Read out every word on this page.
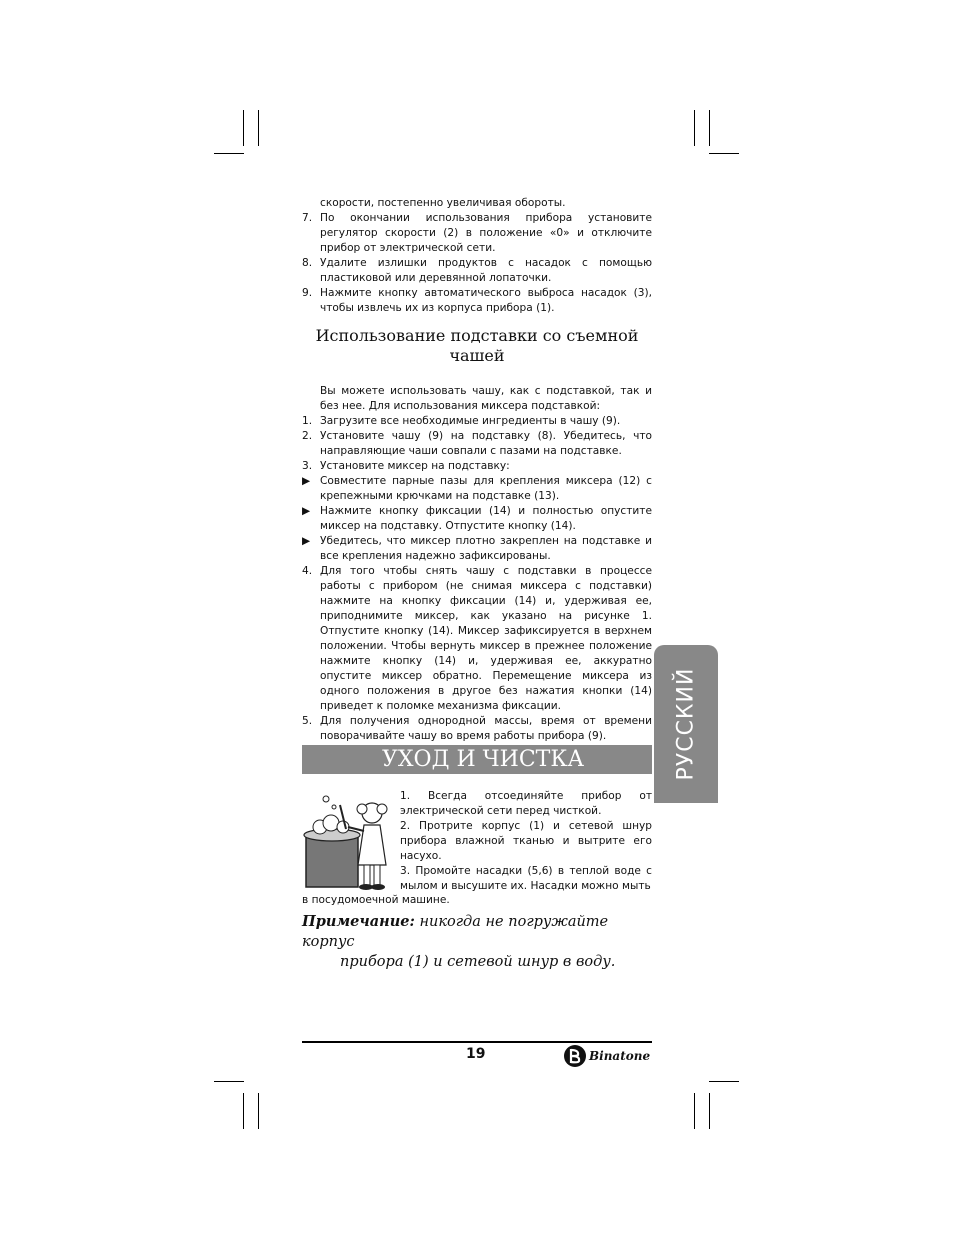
скорости, постепенно увеличивая обороты.
7. По окончании использования прибора установите регулятор скорости (2) в положение «0» и отключите прибор от электрической сети.
8. Удалите излишки продуктов с насадок с помощью пластиковой или деревянной лопаточки.
9. Нажмите кнопку автоматического выброса насадок (3), чтобы извлечь их из корпуса прибора (1).
Использование подставки со съемной чашей
Вы можете использовать чашу, как с подставкой, так и без нее. Для использования миксера подставкой:
1. Загрузите все необходимые ингредиенты в чашу (9).
2. Установите чашу (9) на подставку (8). Убедитесь, что направляющие чаши совпали с пазами на подставке.
3. Установите миксер на подставку:
▶ Совместите парные пазы для крепления миксера (12) с крепежными крючками на подставке (13).
▶ Нажмите кнопку фиксации (14) и полностью опустите миксер на подставку. Отпустите кнопку (14).
▶ Убедитесь, что миксер плотно закреплен на подставке и все крепления надежно зафиксированы.
4. Для того чтобы снять чашу с подставки в процессе работы с прибором (не снимая миксера с подставки) нажмите на кнопку фиксации (14) и, удерживая ее, приподнимите миксер, как указано на рисунке 1. Отпустите кнопку (14). Миксер зафиксируется в верхнем положении. Чтобы вернуть миксер в прежнее положение нажмите кнопку (14) и, удерживая ее, аккуратно опустите миксер обратно. Перемещение миксера из одного положения в другое без нажатия кнопки (14) приведет к поломке механизма фиксации.
5. Для получения однородной массы, время от времени поворачивайте чашу во время работы прибора (9).	РУССКИЙ
УХОД И ЧИСТКА
1. Всегда отсоединяйте прибор от электрической сети перед чисткой.
2. Протрите корпус (1) и сетевой шнур прибора влажной тканью и вытрите его насухо.
3. Промойте насадки (5,6) в теплой воде с мылом и высушите их. Насадки можно мыть
в посудомоечной машине.
Примечание: никогда не погружайте корпус
прибора (1) и сетевой шнур в воду.
19	Binatone
